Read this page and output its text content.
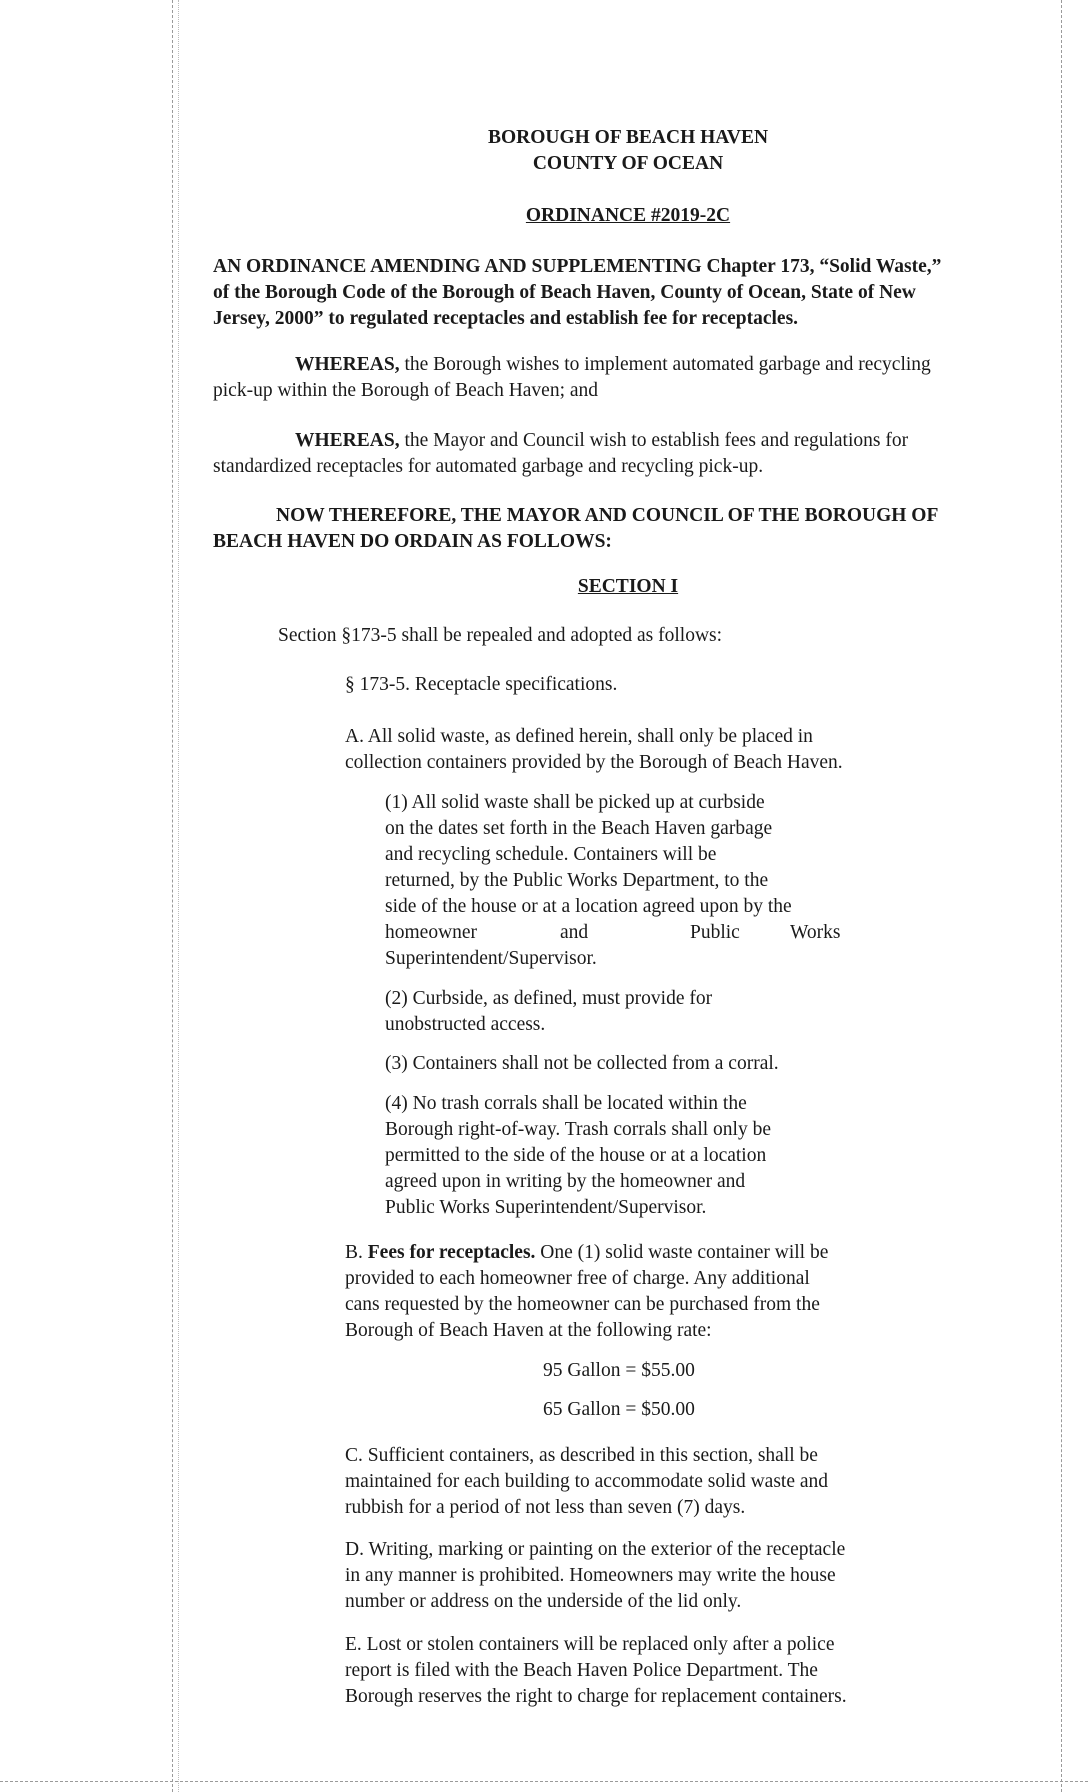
BOROUGH OF BEACH HAVEN
COUNTY OF OCEAN
ORDINANCE #2019-2C
AN ORDINANCE AMENDING AND SUPPLEMENTING Chapter 173, “Solid Waste,”
of the Borough Code of the Borough of Beach Haven, County of Ocean, State of New
Jersey, 2000” to regulated receptacles and establish fee for receptacles.
WHEREAS, the Borough wishes to implement automated garbage and recycling
pick-up within the Borough of Beach Haven; and
WHEREAS, the Mayor and Council wish to establish fees and regulations for
standardized receptacles for automated garbage and recycling pick-up.
NOW THEREFORE, THE MAYOR AND COUNCIL OF THE BOROUGH OF
BEACH HAVEN DO ORDAIN AS FOLLOWS:
SECTION I
Section §173-5 shall be repealed and adopted as follows:
§ 173-5. Receptacle specifications.
A. All solid waste, as defined herein, shall only be placed in
collection containers provided by the Borough of Beach Haven.
(1) All solid waste shall be picked up at curbside
on the dates set forth in the Beach Haven garbage
and recycling schedule. Containers will be
returned, by the Public Works Department, to the
side of the house or at a location agreed upon by the
homeowner	and	Public	Works
Superintendent/Supervisor.
(2) Curbside, as defined, must provide for
unobstructed access.
(3) Containers shall not be collected from a corral.
(4) No trash corrals shall be located within the
Borough right-of-way. Trash corrals shall only be
permitted to the side of the house or at a location
agreed upon in writing by the homeowner and
Public Works Superintendent/Supervisor.
B. Fees for receptacles. One (1) solid waste container will be
provided to each homeowner free of charge. Any additional
cans requested by the homeowner can be purchased from the
Borough of Beach Haven at the following rate:
95 Gallon = $55.00
65 Gallon = $50.00
C. Sufficient containers, as described in this section, shall be
maintained for each building to accommodate solid waste and
rubbish for a period of not less than seven (7) days.
D. Writing, marking or painting on the exterior of the receptacle
in any manner is prohibited. Homeowners may write the house
number or address on the underside of the lid only.
E. Lost or stolen containers will be replaced only after a police
report is filed with the Beach Haven Police Department. The
Borough reserves the right to charge for replacement containers.
